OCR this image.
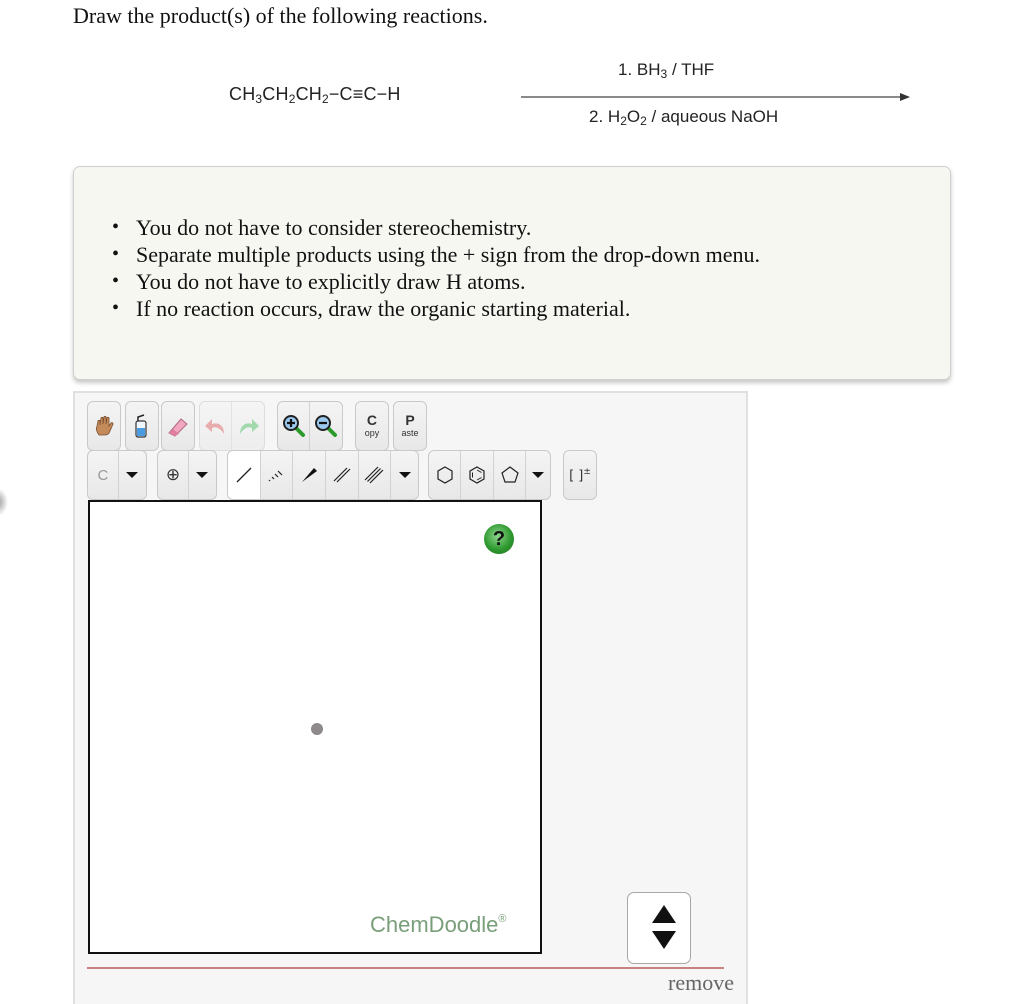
Draw the product(s) of the following reactions.
$CH_3CH_2CH_2-C\equiv C-H$
1. $BH_3$ / THF
2. $H_2O_2$ / aqueous NaOH
• You do not have to consider stereochemistry.
• Separate multiple products using the + sign from the drop-down menu.
• You do not have to explicitly draw H atoms.
• If no reaction occurs, draw the organic starting material.
C
opy
P
aste
C	⊕	[ ]±
?
ChemDoodle®
remove
